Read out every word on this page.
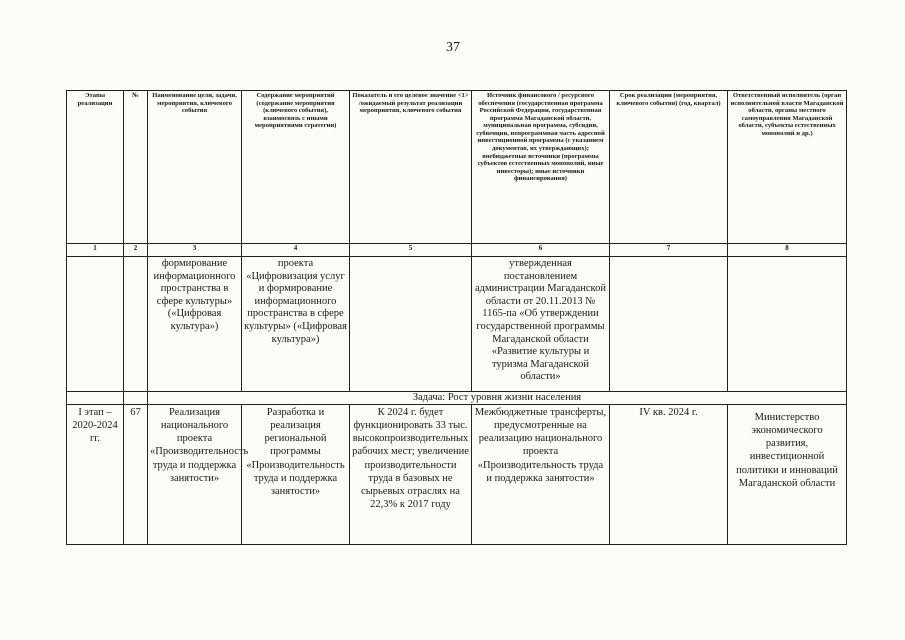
37
Этапы реализации	№	Наименование цели, задачи, мероприятия, ключевого события	Содержание мероприятий (содержание мероприятия (ключевого события), взаимосвязь с иными мероприятиями стратегии)	Показатель и его целевое значение <1> /ожидаемый результат реализации мероприятия, ключевого события	Источник финансового / ресурсного обеспечения (государственная программа Российской Федерации, государственная программа Магаданской области, муниципальная программа, субсидии, субвенции, непрограммная часть адресной инвестиционной программы (с указанием документов, их утверждающих); внебюджетные источники (программы субъектов естественных монополий, иные инвесторы); иные источники финансирования)	Срок реализации (мероприятия, ключевого события) (год, квартал)	Ответственный исполнитель (орган исполнительной власти Магаданской области, органы местного самоуправления Магаданской области, субъекты естественных монополий и др.)
1	2	3	4	5	6	7	8
		формирование информационного пространства в сфере культуры» («Цифровая культура»)	проекта «Цифровизация услуг и формирование информационного пространства в сфере культуры» («Цифровая культура»)		утвержденная постановлением администрации Магаданской области от 20.11.2013 № 1165-па «Об утверждении государственной программы Магаданской области «Развитие культуры и туризма Магаданской области»		
		Задача: Рост уровня жизни населения					
I этап – 2020-2024 гг.	67	Реализация национального проекта «Производительность труда и поддержка занятости»	Разработка и реализация региональной программы «Производительность труда и поддержка занятости»	К 2024 г. будет функционировать 33 тыс. высокопроизводительных рабочих мест; увеличение производительности труда в базовых не сырьевых отраслях на 22,3% к 2017 году	Межбюджетные трансферты, предусмотренные на реализацию национального проекта «Производительность труда и поддержка занятости»	IV кв. 2024 г.	Министерство экономического развития, инвестиционной политики и инноваций Магаданской области
